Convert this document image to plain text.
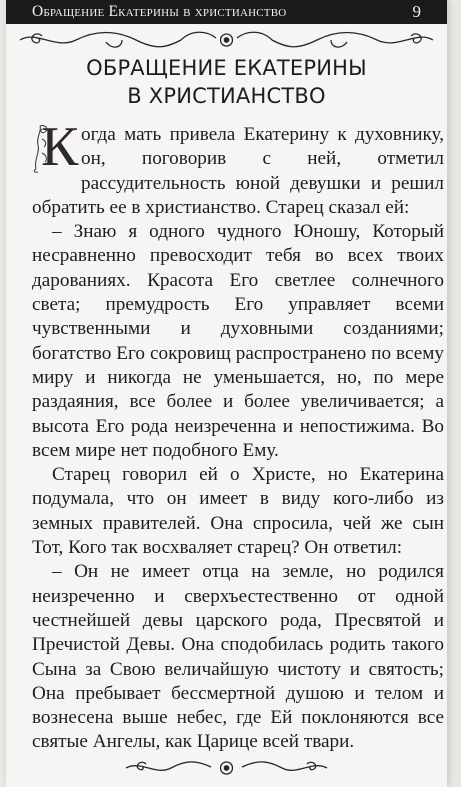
Обращение Екатерины в христианство	9
ОБРАЩЕНИЕ ЕКАТЕРИНЫ
В ХРИСТИАНСТВО

К огда мать привела Екатерину к духовнику, он, поговорив с ней, отметил рассудительность юной девушки и решил обратить ее в христианство. Старец сказал ей:

– Знаю я одного чудного Юношу, Который несравненно превосходит тебя во всех твоих дарованиях. Красота Его светлее солнечного света; премудрость Его управляет всеми чувственными и духовными созданиями; богатство Его сокровищ распространено по всему миру и никогда не уменьшается, но, по мере раздаяния, все более и более увеличивается; а высота Его рода неизреченна и непостижима. Во всем мире нет подобного Ему.

Старец говорил ей о Христе, но Екатерина подумала, что он имеет в виду кого-либо из земных правителей. Она спросила, чей же сын Тот, Кого так восхваляет старец? Он ответил:

– Он не имеет отца на земле, но родился неизреченно и сверхъестественно от одной честнейшей девы царского рода, Пресвятой и Пречистой Девы. Она сподобилась родить такого Сына за Свою величайшую чистоту и святость; Она пребывает бессмертной душою и телом и вознесена выше небес, где Ей поклоняются все святые Ангелы, как Царице всей твари.
